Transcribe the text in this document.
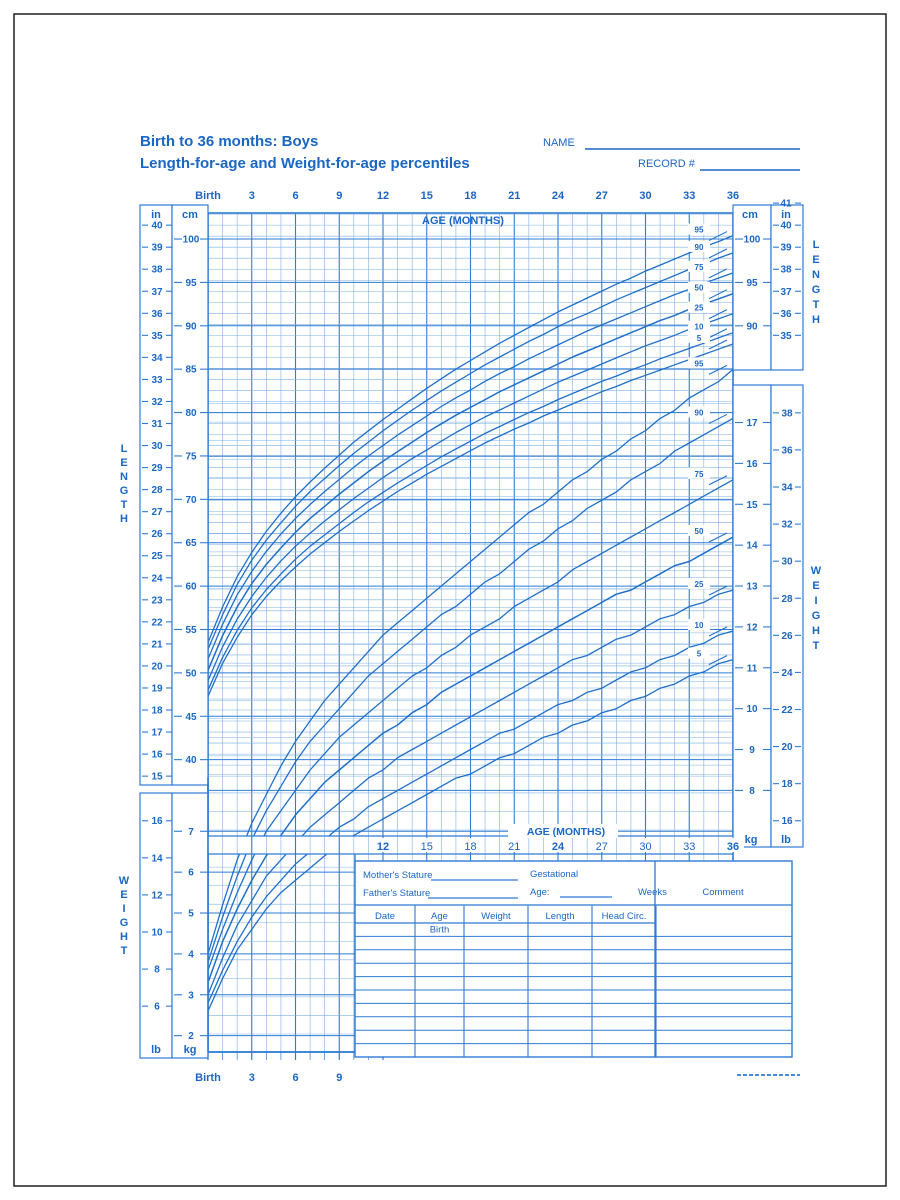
Birth to 36 months: Boys
Length-for-age and Weight-for-age percentiles
NAME
RECORD #
95
90
75
50
25
10
5
95
90
75
50
25
10
5
in cm
15
16
17
18
19
20
21
22
23
24
25
26
27
28
29
30
31
32
33
34
35
36
37
38
39
40
40
45
50
55
60
65
70
75
80
85
90
95
100
L
E
N
G
T
H
cm in
90
95
100
35
36
37
38
39
40
41
L
E
N
G
T
H
8
9
10
11
12
13
14
15
16
17
16
18
20
22
24
26
28
30
32
34
36
38
kg lb
W
E
I
G
H
T
6
8
10
12
14
16
2
3
4
5
6
7
lb kg
W
E
I
G
H
T
Birth	3	6	9	12	15	18	21	24	27	30	33	36
AGE (MONTHS)
12	15	18	21	24	27	30	33	36
AGE (MONTHS)
Birth	3	6	9
Mother's Stature
Father's Stature
Gestational
Age:	Weeks	Comment
Date	Age	Weight	Length	Head Circ.
Birth
